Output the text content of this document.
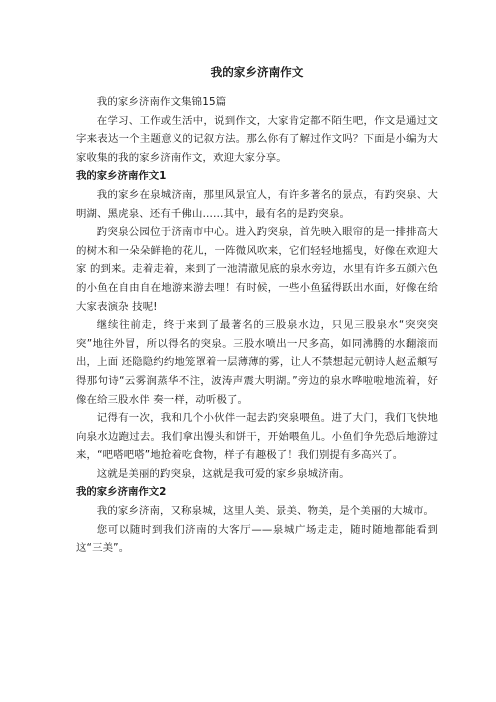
我的家乡济南作文
我的家乡济南作文集锦15篇
在学习、工作或生活中，说到作文，大家肯定都不陌生吧，作文是通过文字来表达一个主题意义的记叙方法。那么你有了解过作文吗？下面是小编为大家收集的我的家乡济南作文，欢迎大家分享。
我的家乡济南作文1
我的家乡在泉城济南，那里风景宜人，有许多著名的景点，有趵突泉、大明湖、黑虎泉、还有千佛山……其中，最有名的是趵突泉。
趵突泉公园位于济南市中心。进入趵突泉，首先映入眼帘的是一排排高大的树木和一朵朵鲜艳的花儿，一阵微风吹来，它们轻轻地摇曳，好像在欢迎大家 的到来。走着走着，来到了一池清澈见底的泉水旁边，水里有许多五颜六色的小鱼在自由自在地游来游去哩！有时候，一些小鱼猛得跃出水面，好像在给大家表演杂 技呢!
继续往前走，终于来到了最著名的三股泉水边，只见三股泉水“突突突突”地往外冒，所以得名的突泉。三股水喷出一尺多高，如同沸腾的水翻滚而出，上面 还隐隐约约地笼罩着一层薄薄的雾，让人不禁想起元朝诗人赵孟頫写得那句诗“云雾润蒸华不注，波涛声震大明湖。”旁边的泉水哗啦啦地流着，好像在给三股水伴 奏一样，动听极了。
记得有一次，我和几个小伙伴一起去趵突泉喂鱼。进了大门，我们飞快地向泉水边跑过去。我们拿出馒头和饼干，开始喂鱼儿。小鱼们争先恐后地游过来，“吧嗒吧嗒”地抢着吃食物，样子有趣极了！我们别提有多高兴了。
这就是美丽的趵突泉，这就是我可爱的家乡泉城济南。
我的家乡济南作文2
我的家乡济南，又称泉城，这里人美、景美、物美，是个美丽的大城市。
您可以随时到我们济南的大客厅——泉城广场走走，随时随地都能看到这“三美”。
